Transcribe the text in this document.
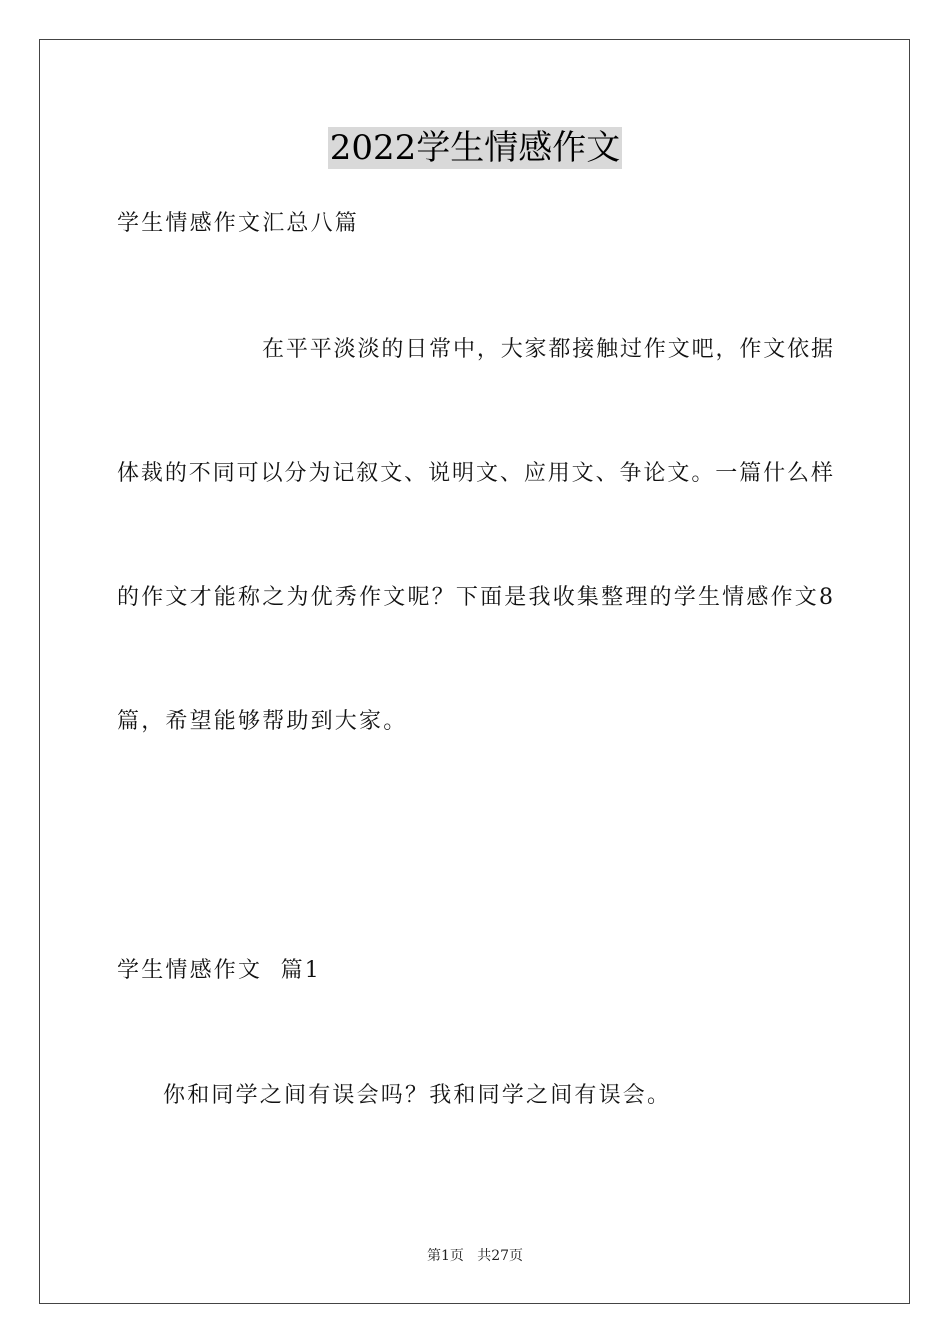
2022学生情感作文
学生情感作文汇总八篇
在平平淡淡的日常中，大家都接触过作文吧，作文依据
体裁的不同可以分为记叙文、说明文、应用文、争论文。一篇什么样
的作文才能称之为优秀作文呢？下面是我收集整理的学生情感作文8
篇，希望能够帮助到大家。
学生情感作文  篇1
你和同学之间有误会吗？我和同学之间有误会。
第1页   共27页
